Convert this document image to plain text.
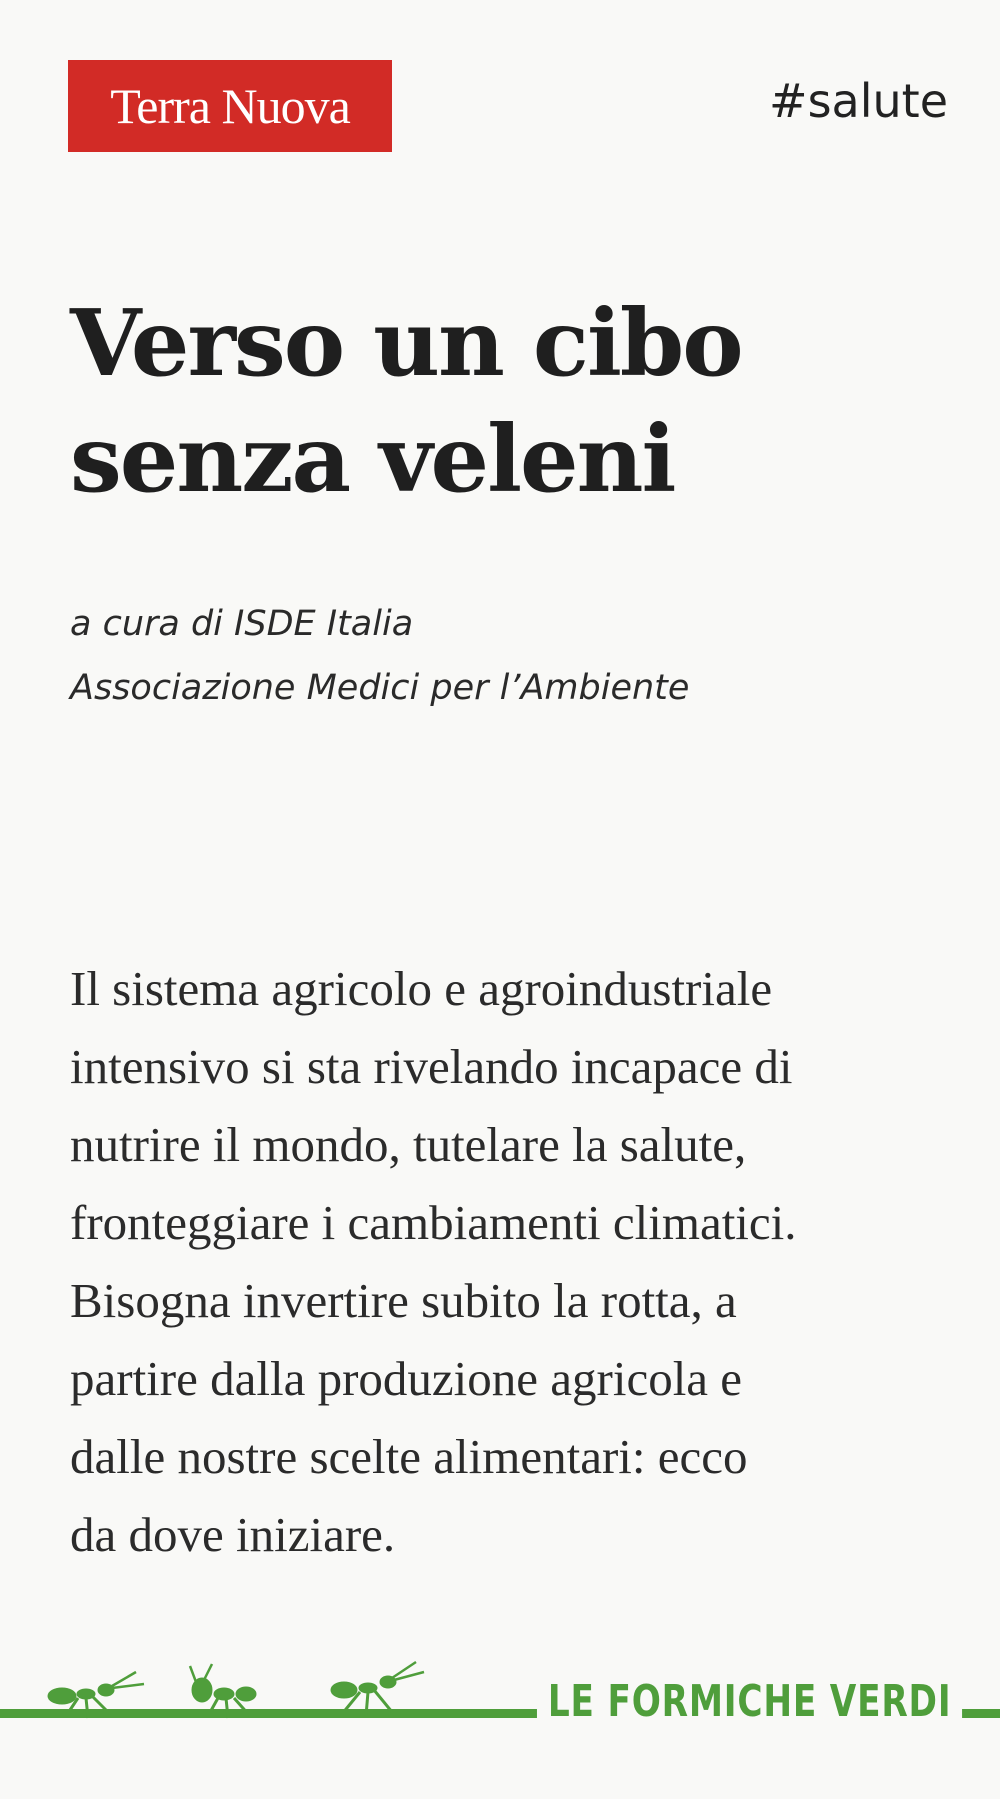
Terra Nuova	#salute
Verso un cibo
senza veleni
a cura di ISDE Italia
Associazione Medici per l’Ambiente
Il sistema agricolo e agroindustriale
intensivo si sta rivelando incapace di
nutrire il mondo, tutelare la salute,
fronteggiare i cambiamenti climatici.
Bisogna invertire subito la rotta, a
partire dalla produzione agricola e
dalle nostre scelte alimentari: ecco
da dove iniziare.
LE FORMICHE VERDI
